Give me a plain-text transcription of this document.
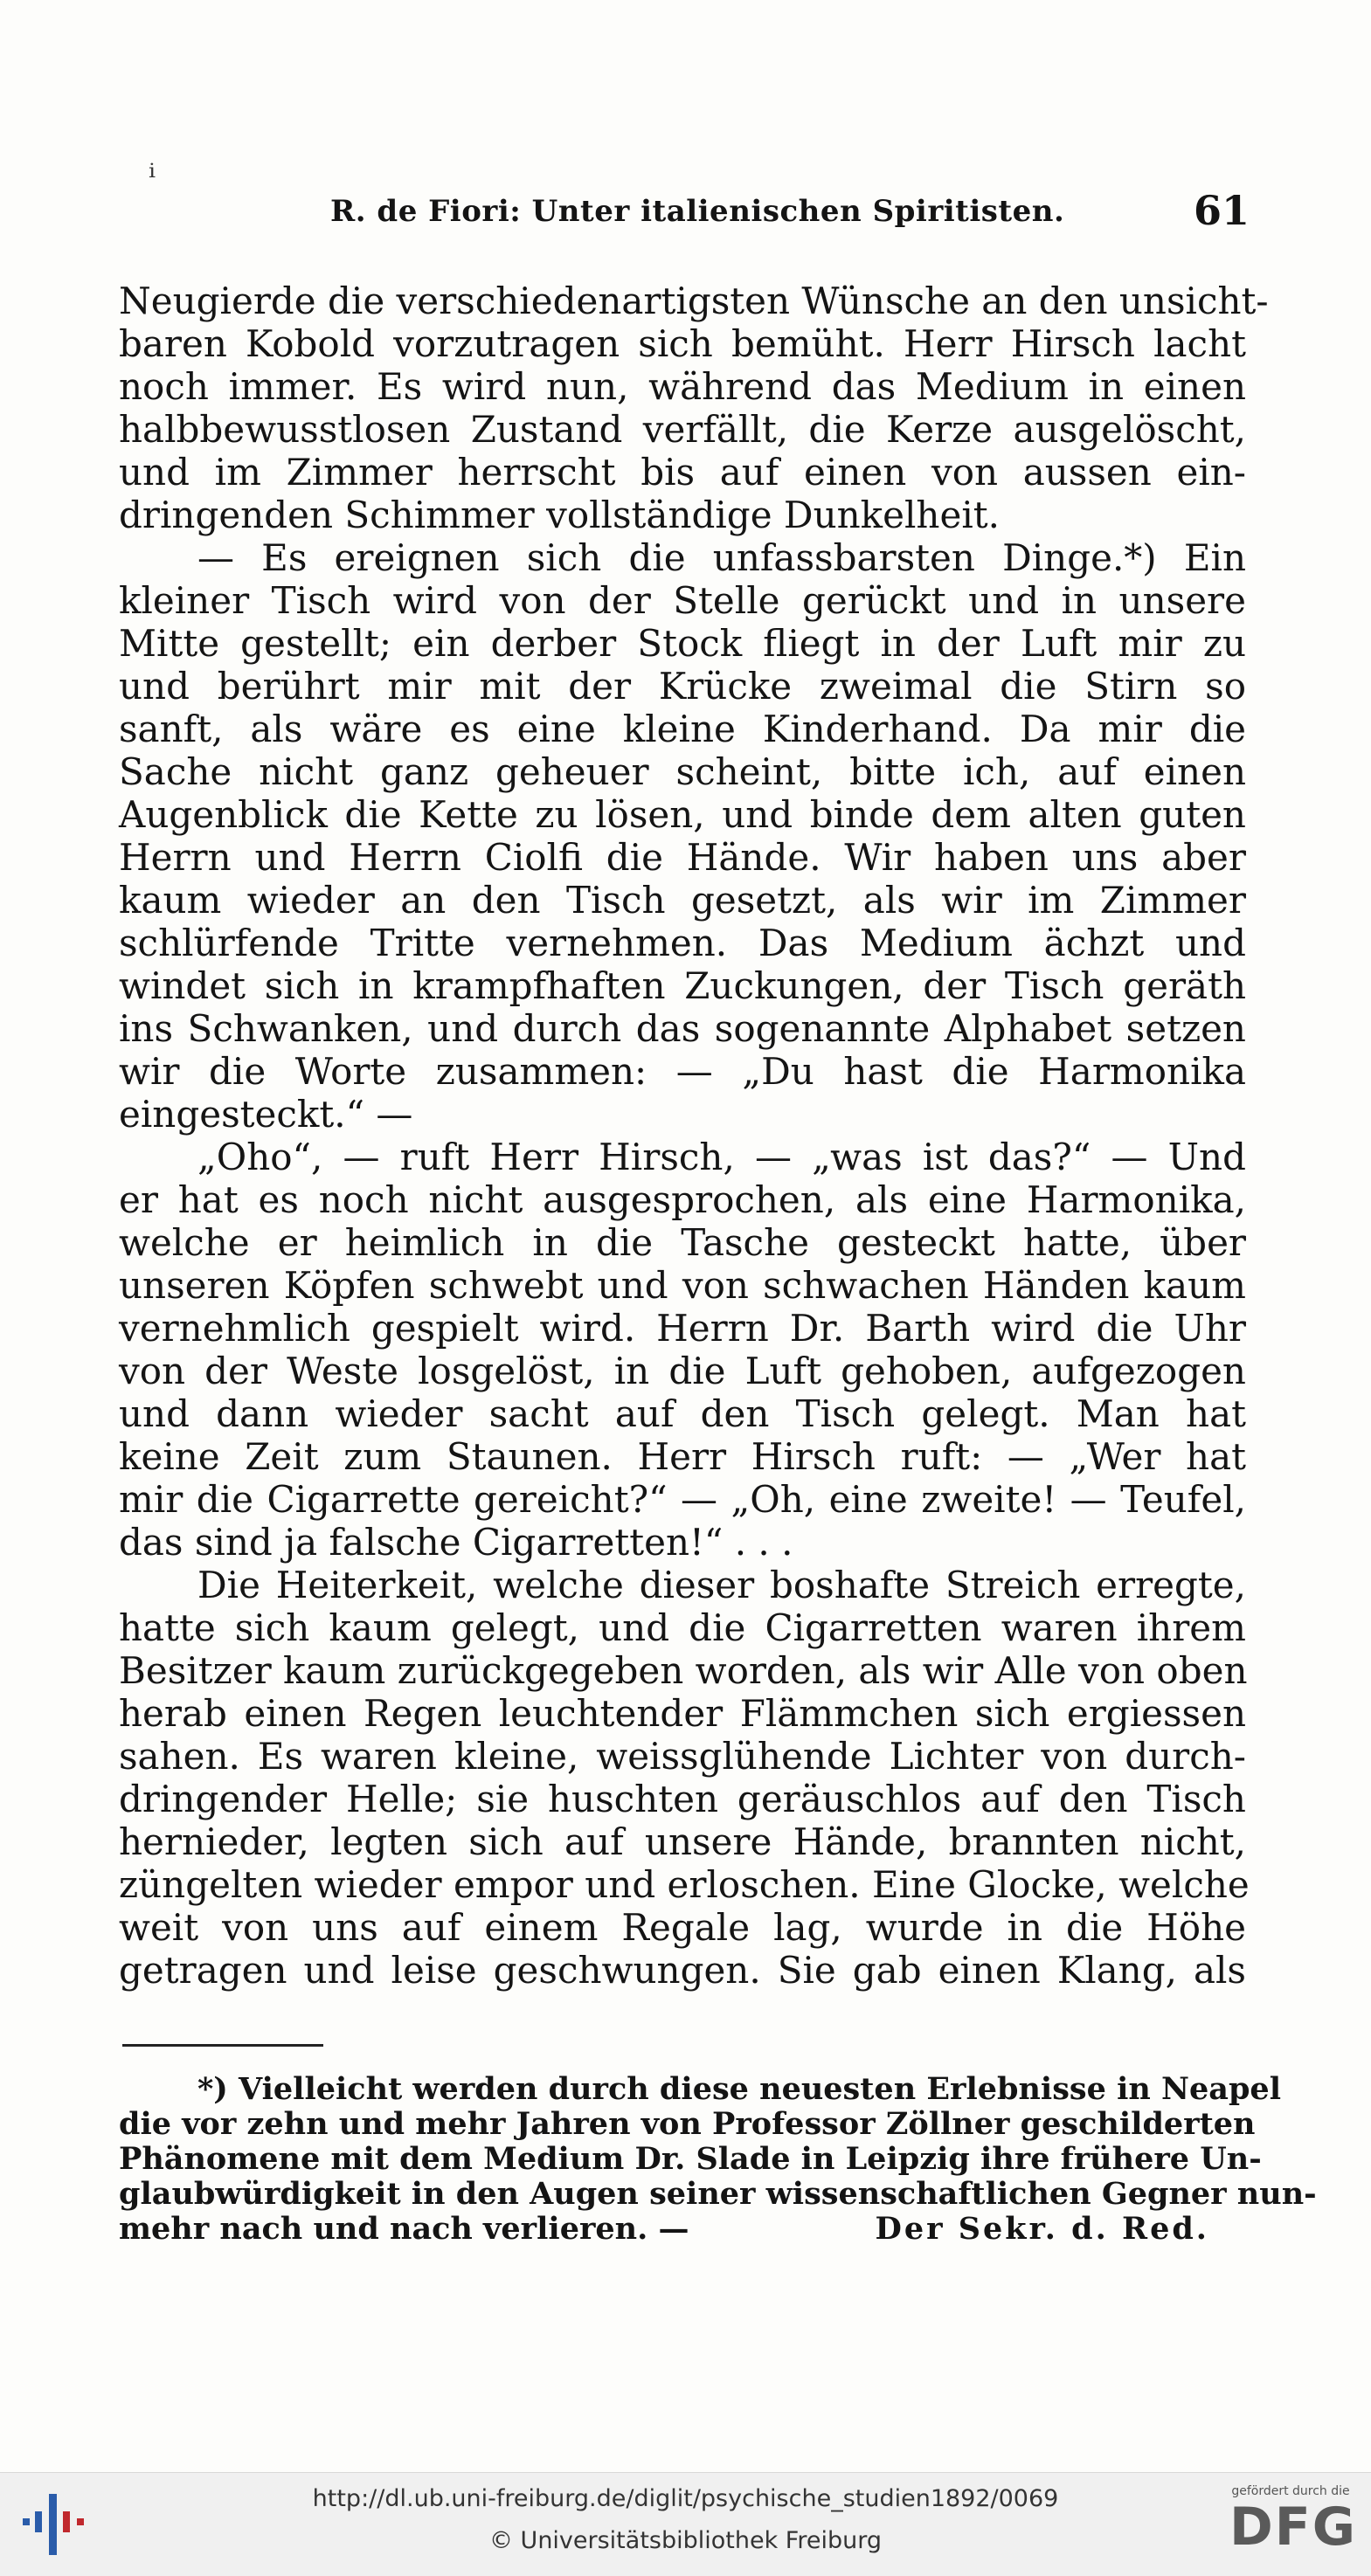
ⁱ
R. de Fiori: Unter italienischen Spiritisten.	61
Neugierde die verschiedenartigsten Wünsche an den unsicht-
baren Kobold vorzutragen sich bemüht. Herr Hirsch lacht
noch immer. Es wird nun, während das Medium in einen
halbbewusstlosen Zustand verfällt, die Kerze ausgelöscht,
und im Zimmer herrscht bis auf einen von aussen ein-
dringenden Schimmer vollständige Dunkelheit.
— Es ereignen sich die unfassbarsten Dinge.*) Ein
kleiner Tisch wird von der Stelle gerückt und in unsere
Mitte gestellt; ein derber Stock fliegt in der Luft mir zu
und berührt mir mit der Krücke zweimal die Stirn so
sanft, als wäre es eine kleine Kinderhand. Da mir die
Sache nicht ganz geheuer scheint, bitte ich, auf einen
Augenblick die Kette zu lösen, und binde dem alten guten
Herrn und Herrn Ciolfi die Hände. Wir haben uns aber
kaum wieder an den Tisch gesetzt, als wir im Zimmer
schlürfende Tritte vernehmen. Das Medium ächzt und
windet sich in krampfhaften Zuckungen, der Tisch geräth
ins Schwanken, und durch das sogenannte Alphabet setzen
wir die Worte zusammen: — „Du hast die Harmonika
eingesteckt.“ —
„Oho“, — ruft Herr Hirsch, — „was ist das?“ — Und
er hat es noch nicht ausgesprochen, als eine Harmonika,
welche er heimlich in die Tasche gesteckt hatte, über
unseren Köpfen schwebt und von schwachen Händen kaum
vernehmlich gespielt wird. Herrn Dr. Barth wird die Uhr
von der Weste losgelöst, in die Luft gehoben, aufgezogen
und dann wieder sacht auf den Tisch gelegt. Man hat
keine Zeit zum Staunen. Herr Hirsch ruft: — „Wer hat
mir die Cigarrette gereicht?“ — „Oh, eine zweite! — Teufel,
das sind ja falsche Cigarretten!“ . . .
Die Heiterkeit, welche dieser boshafte Streich erregte,
hatte sich kaum gelegt, und die Cigarretten waren ihrem
Besitzer kaum zurückgegeben worden, als wir Alle von oben
herab einen Regen leuchtender Flämmchen sich ergiessen
sahen. Es waren kleine, weissglühende Lichter von durch-
dringender Helle; sie huschten geräuschlos auf den Tisch
hernieder, legten sich auf unsere Hände, brannten nicht,
züngelten wieder empor und erloschen. Eine Glocke, welche
weit von uns auf einem Regale lag, wurde in die Höhe
getragen und leise geschwungen. Sie gab einen Klang, als
*) Vielleicht werden durch diese neuesten Erlebnisse in Neapel
die vor zehn und mehr Jahren von Professor Zöllner geschilderten
Phänomene mit dem Medium Dr. Slade in Leipzig ihre frühere Un-
glaubwürdigkeit in den Augen seiner wissenschaftlichen Gegner nun-
mehr nach und nach verlieren. —	Der Sekr. d. Red.
http://dl.ub.uni-freiburg.de/diglit/psychische_studien1892/0069
© Universitätsbibliothek Freiburg
gefördert durch die
DFG
